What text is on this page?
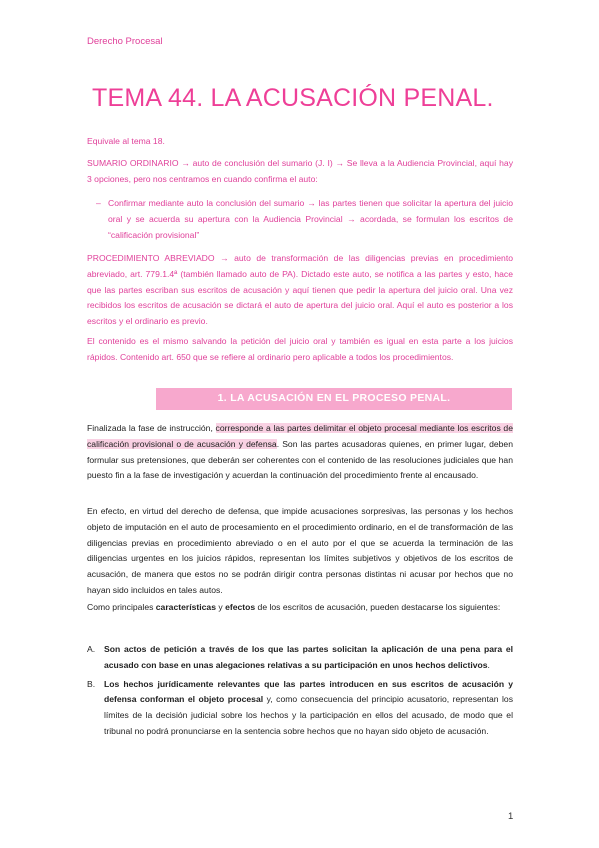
Derecho Procesal
TEMA 44. LA ACUSACIÓN PENAL.

Equivale al tema 18.

SUMARIO ORDINARIO → auto de conclusión del sumario (J. I) → Se lleva a la Audiencia Provincial, aquí hay 3 opciones, pero nos centramos en cuando confirma el auto:

– Confirmar mediante auto la conclusión del sumario → las partes tienen que solicitar la apertura del juicio oral y se acuerda su apertura con la Audiencia Provincial → acordada, se formulan los escritos de “calificación provisional”

PROCEDIMIENTO ABREVIADO → auto de transformación de las diligencias previas en procedimiento abreviado, art. 779.1.4ª (también llamado auto de PA). Dictado este auto, se notifica a las partes y esto, hace que las partes escriban sus escritos de acusación y aquí tienen que pedir la apertura del juicio oral. Una vez recibidos los escritos de acusación se dictará el auto de apertura del juicio oral. Aquí el auto es posterior a los escritos y el ordinario es previo.

El contenido es el mismo salvando la petición del juicio oral y también es igual en esta parte a los juicios rápidos. Contenido art. 650 que se refiere al ordinario pero aplicable a todos los procedimientos.

1. LA ACUSACIÓN EN EL PROCESO PENAL.

Finalizada la fase de instrucción, corresponde a las partes delimitar el objeto procesal mediante los escritos de calificación provisional o de acusación y defensa. Son las partes acusadoras quienes, en primer lugar, deben formular sus pretensiones, que deberán ser coherentes con el contenido de las resoluciones judiciales que han puesto fin a la fase de investigación y acuerdan la continuación del procedimiento frente al encausado.

En efecto, en virtud del derecho de defensa, que impide acusaciones sorpresivas, las personas y los hechos objeto de imputación en el auto de procesamiento en el procedimiento ordinario, en el de transformación de las diligencias previas en procedimiento abreviado o en el auto por el que se acuerda la terminación de las diligencias urgentes en los juicios rápidos, representan los límites subjetivos y objetivos de los escritos de acusación, de manera que estos no se podrán dirigir contra personas distintas ni acusar por hechos que no hayan sido incluidos en tales autos.

Como principales características y efectos de los escritos de acusación, pueden destacarse los siguientes:

A. Son actos de petición a través de los que las partes solicitan la aplicación de una pena para el acusado con base en unas alegaciones relativas a su participación en unos hechos delictivos.
B. Los hechos jurídicamente relevantes que las partes introducen en sus escritos de acusación y defensa conforman el objeto procesal y, como consecuencia del principio acusatorio, representan los límites de la decisión judicial sobre los hechos y la participación en ellos del acusado, de modo que el tribunal no podrá pronunciarse en la sentencia sobre hechos que no hayan sido objeto de acusación.
1
